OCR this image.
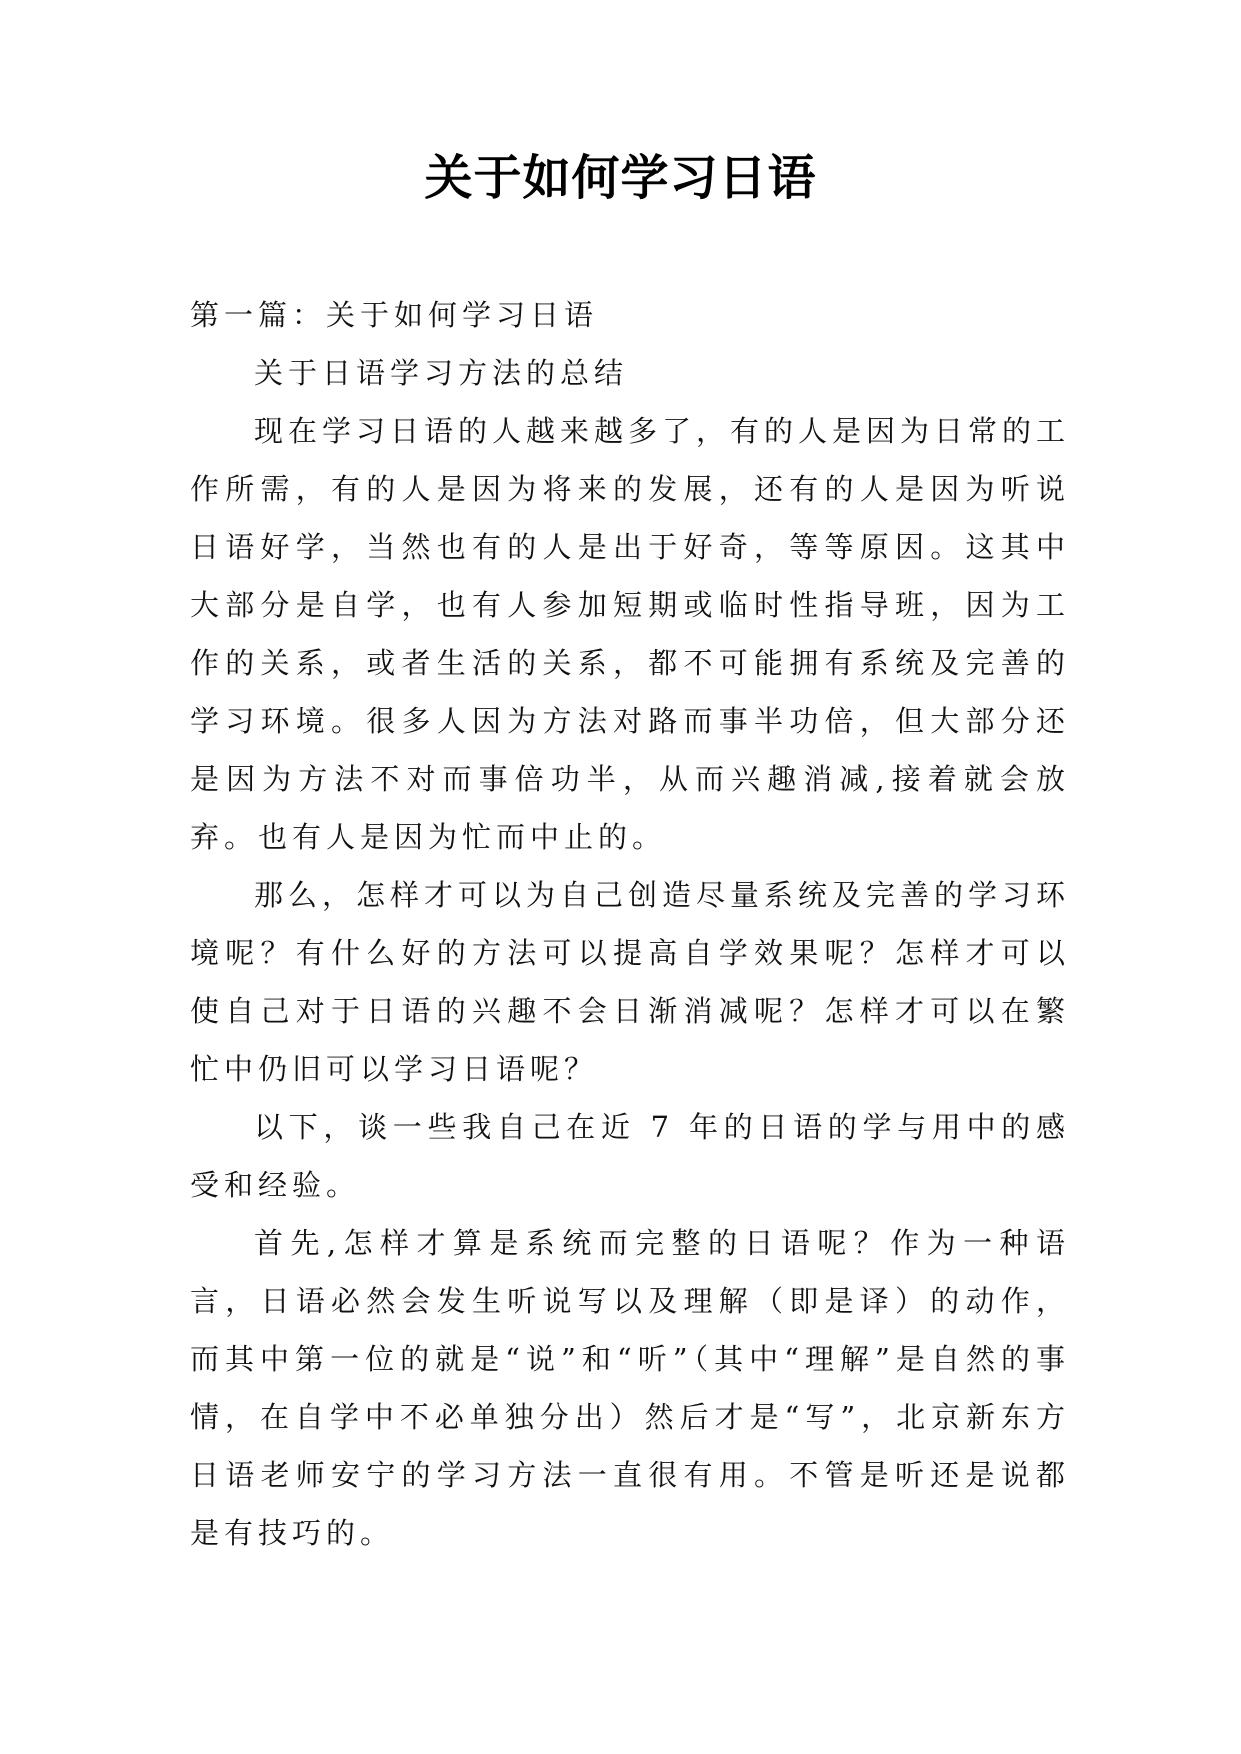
关于如何学习日语

第一篇：关于如何学习日语

关于日语学习方法的总结

现在学习日语的人越来越多了，有的人是因为日常的工作所需，有的人是因为将来的发展，还有的人是因为听说日语好学，当然也有的人是出于好奇，等等原因。这其中大部分是自学，也有人参加短期或临时性指导班，因为工作的关系，或者生活的关系，都不可能拥有系统及完善的学习环境。很多人因为方法对路而事半功倍，但大部分还是因为方法不对而事倍功半，从而兴趣消减,接着就会放弃。也有人是因为忙而中止的。

那么，怎样才可以为自己创造尽量系统及完善的学习环境呢？有什么好的方法可以提高自学效果呢？怎样才可以使自己对于日语的兴趣不会日渐消减呢？怎样才可以在繁忙中仍旧可以学习日语呢？

以下，谈一些我自己在近 7 年的日语的学与用中的感受和经验。

首先,怎样才算是系统而完整的日语呢？作为一种语言，日语必然会发生听说写以及理解（即是译）的动作，而其中第一位的就是“说”和“听”（其中“理解”是自然的事情，在自学中不必单独分出）然后才是“写”，北京新东方日语老师安宁的学习方法一直很有用。不管是听还是说都是有技巧的。
